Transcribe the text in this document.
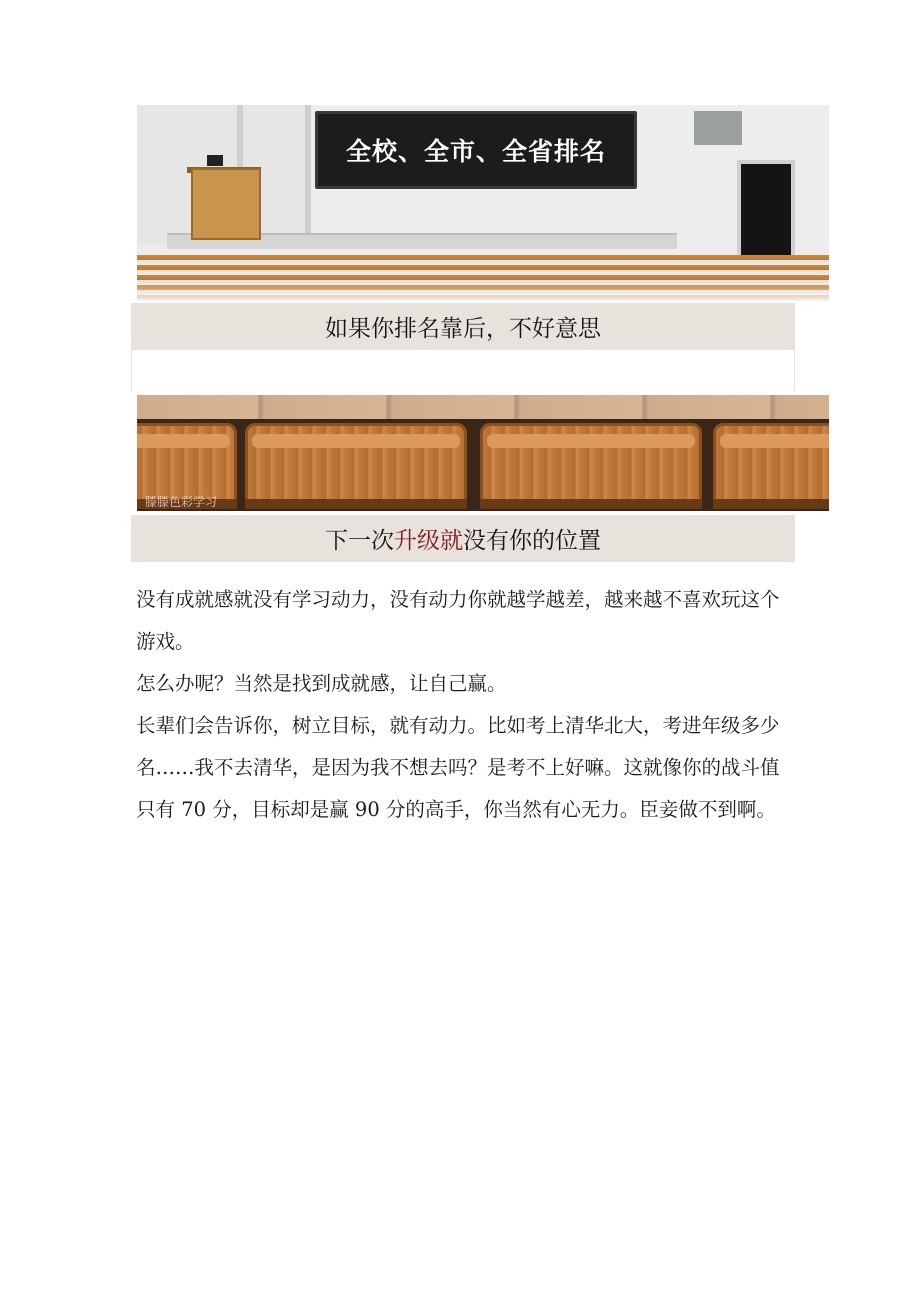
全校、全市、全省排名
如果你排名靠后，不好意思
滕滕色彩学习
下一次 升级就 没有你的位置

没有成就感就没有学习动力，没有动力你就越学越差，越来越不喜欢玩这个游戏。

怎么办呢？当然是找到成就感，让自己赢。

长辈们会告诉你，树立目标，就有动力。比如考上清华北大，考进年级多少名……我不去清华，是因为我不想去吗？是考不上好嘛。这就像你的战斗值只有 70 分，目标却是赢 90 分的高手，你当然有心无力。臣妾做不到啊。
